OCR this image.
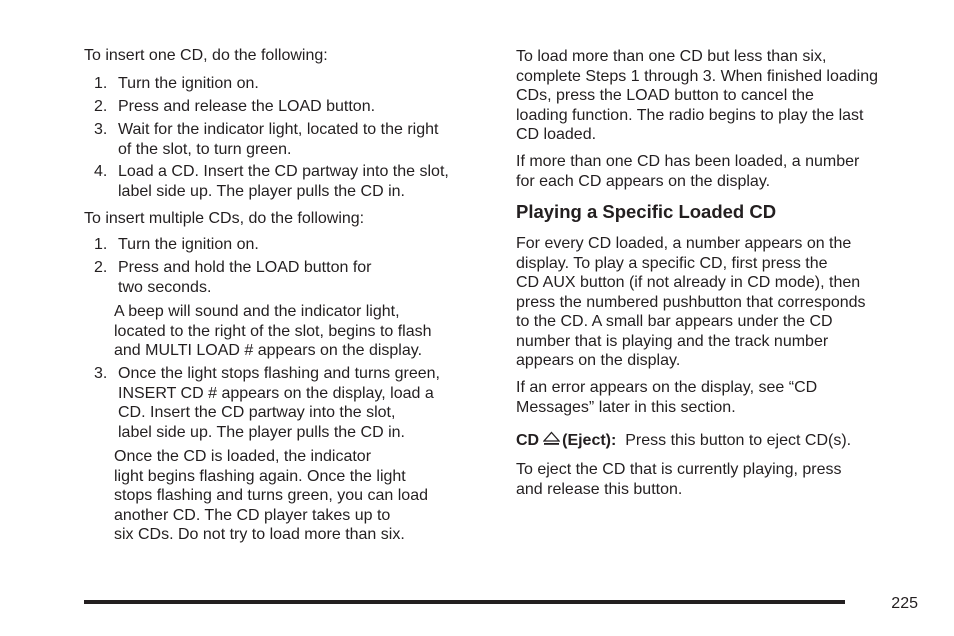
To insert one CD, do the following:
1. Turn the ignition on.
2. Press and release the LOAD button.
3. Wait for the indicator light, located to the right
of the slot, to turn green.
4. Load a CD. Insert the CD partway into the slot,
label side up. The player pulls the CD in.
To insert multiple CDs, do the following:
1. Turn the ignition on.
2. Press and hold the LOAD button for
two seconds.
A beep will sound and the indicator light,
located to the right of the slot, begins to flash
and MULTI LOAD # appears on the display.
3. Once the light stops flashing and turns green,
INSERT CD # appears on the display, load a
CD. Insert the CD partway into the slot,
label side up. The player pulls the CD in.
Once the CD is loaded, the indicator
light begins flashing again. Once the light
stops flashing and turns green, you can load
another CD. The CD player takes up to
six CDs. Do not try to load more than six.
To load more than one CD but less than six,
complete Steps 1 through 3. When finished loading
CDs, press the LOAD button to cancel the
loading function. The radio begins to play the last
CD loaded.
If more than one CD has been loaded, a number
for each CD appears on the display.
Playing a Specific Loaded CD
For every CD loaded, a number appears on the
display. To play a specific CD, first press the
CD AUX button (if not already in CD mode), then
press the numbered pushbutton that corresponds
to the CD. A small bar appears under the CD
number that is playing and the track number
appears on the display.
If an error appears on the display, see “CD
Messages” later in this section.
CD (Eject): Press this button to eject CD(s).
To eject the CD that is currently playing, press
and release this button.
225
